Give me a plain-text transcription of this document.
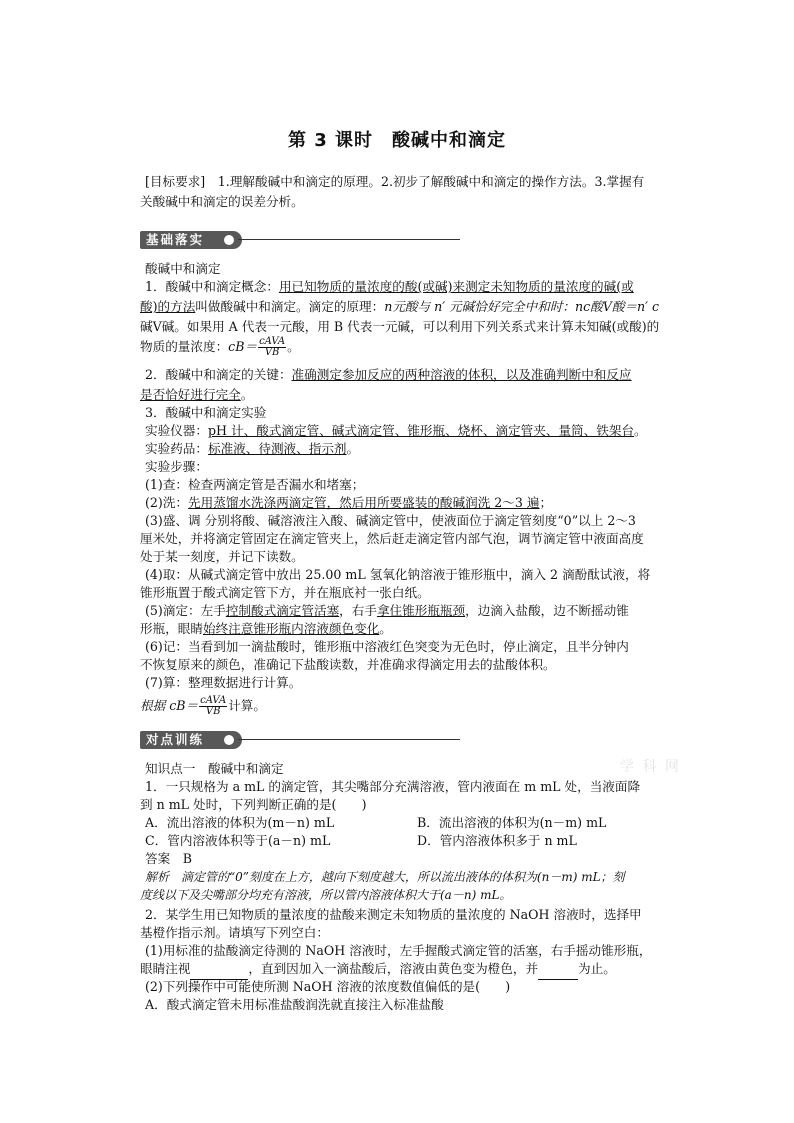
第 3 课时　酸碱中和滴定
[目标要求]　1.理解酸碱中和滴定的原理。2.初步了解酸碱中和滴定的操作方法。3.掌握有
关酸碱中和滴定的误差分析。
基础落实
酸碱中和滴定
1．酸碱中和滴定概念：用已知物质的量浓度的酸(或碱)来测定未知物质的量浓度的碱(或
酸)的方法叫做酸碱中和滴定。滴定的原理：n元酸与 n′ 元碱恰好完全中和时：nc酸V酸＝n′ c
碱V碱。如果用 A 代表一元酸，用 B 代表一元碱，可以利用下列关系式来计算未知碱(或酸)的
物质的量浓度：$cB= \frac{\text{cAVA}}{VB}$ 。
2．酸碱中和滴定的关键：准确测定参加反应的两种溶液的体积，以及准确判断中和反应
是否恰好进行完全。
3．酸碱中和滴定实验
实验仪器：pH 计、酸式滴定管、碱式滴定管、锥形瓶、烧杯、滴定管夹、量筒、铁架台。
实验药品：标准液、待测液、指示剂。
实验步骤：
(1)查：检查两滴定管是否漏水和堵塞；
(2)洗：先用蒸馏水洗涤两滴定管，然后用所要盛装的酸碱润洗 2～3 遍；
(3)盛、调 分别将酸、碱溶液注入酸、碱滴定管中，使液面位于滴定管刻度“0”以上 2～3
厘米处，并将滴定管固定在滴定管夹上，然后赶走滴定管内部气泡，调节滴定管中液面高度
处于某一刻度，并记下读数。
(4)取：从碱式滴定管中放出 25.00 mL 氢氧化钠溶液于锥形瓶中，滴入 2 滴酚酞试液，将
锥形瓶置于酸式滴定管下方，并在瓶底衬一张白纸。
(5)滴定：左手控制酸式滴定管活塞，右手拿住锥形瓶瓶颈，边滴入盐酸，边不断摇动锥
形瓶，眼睛始终注意锥形瓶内溶液颜色变化。
(6)记：当看到加一滴盐酸时，锥形瓶中溶液红色突变为无色时，停止滴定，且半分钟内
不恢复原来的颜色，准确记下盐酸读数，并准确求得滴定用去的盐酸体积。
(7)算：整理数据进行计算。
根据 $cB= \frac{\text{cAVA}}{VB}$ 计算。
对点训练
学 科 网
知识点一　酸碱中和滴定
1．一只规格为 a mL 的滴定管，其尖嘴部分充满溶液，管内液面在 m mL 处，当液面降
到 n mL 处时，下列判断正确的是(　　)
A．流出溶液的体积为(m－n) mL	B．流出溶液的体积为(n－m) mL
C．管内溶液体积等于(a－n) mL	D．管内溶液体积多于 n mL
答案　B
解析　滴定管的“0”刻度在上方，越向下刻度越大，所以流出液体的体积为(n－m) mL；刻
度线以下及尖嘴部分均充有溶液，所以管内溶液体积大于(a－n) mL。
2．某学生用已知物质的量浓度的盐酸来测定未知物质的量浓度的 NaOH 溶液时，选择甲
基橙作指示剂。请填写下列空白：
(1)用标准的盐酸滴定待测的 NaOH 溶液时，左手握酸式滴定管的活塞，右手摇动锥形瓶，
眼睛注视	，直到因加入一滴盐酸后，溶液由黄色变为橙色，并	为止。
(2)下列操作中可能使所测 NaOH 溶液的浓度数值偏低的是(　　)
A．酸式滴定管未用标准盐酸润洗就直接注入标准盐酸
